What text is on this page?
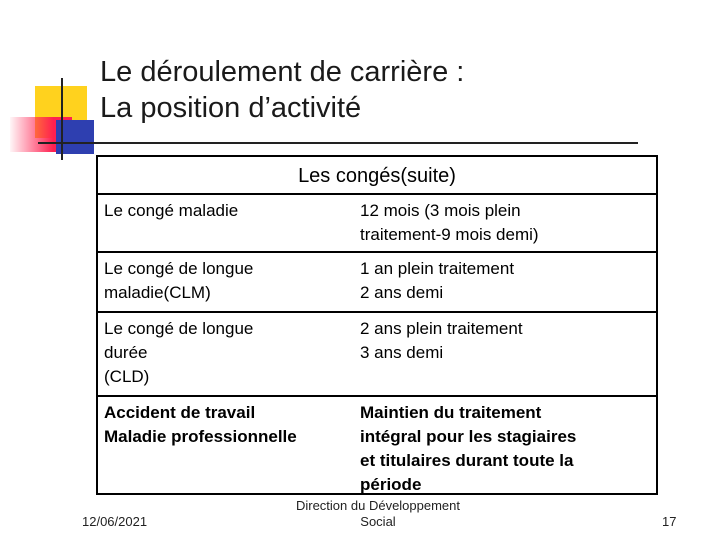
Le déroulement de carrière :
La position d’activité
Les congés(suite)
Le congé maladie	12 mois (3 mois plein
traitement-9 mois demi)
Le congé de longue
maladie(CLM)
1 an plein traitement
2 ans demi
Le congé de longue
durée
(CLD)
2 ans plein traitement
3 ans demi
Accident de travail
Maladie professionnelle
Maintien du traitement
intégral pour les stagiaires
et titulaires durant toute la
période
12/06/2021
Direction du Développement
Social	17
